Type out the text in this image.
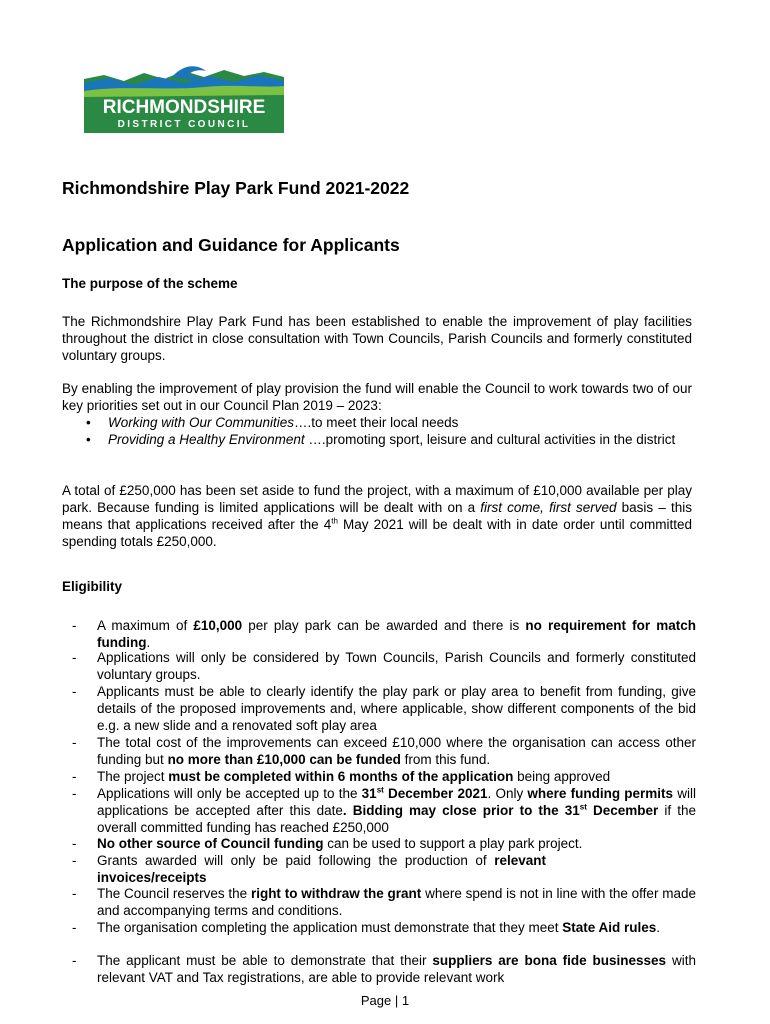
RICHMONDSHIRE
DISTRICT COUNCIL
Richmondshire Play Park Fund 2021-2022
Application and Guidance for Applicants
The purpose of the scheme
The Richmondshire Play Park Fund has been established to enable the improvement of play facilities throughout the district in close consultation with Town Councils, Parish Councils and formerly constituted voluntary groups.
By enabling the improvement of play provision the fund will enable the Council to work towards two of our key priorities set out in our Council Plan 2019 – 2023:
• Working with Our Communities….to meet their local needs
• Providing a Healthy Environment ….promoting sport, leisure and cultural activities in the district
A total of £250,000 has been set aside to fund the project, with a maximum of £10,000 available per play park. Because funding is limited applications will be dealt with on a first come, first served basis – this means that applications received after the 4th May 2021 will be dealt with in date order until committed spending totals £250,000.
Eligibility
- A maximum of £10,000 per play park can be awarded and there is no requirement for match funding.
- Applications will only be considered by Town Councils, Parish Councils and formerly constituted voluntary groups.
- Applicants must be able to clearly identify the play park or play area to benefit from funding, give details of the proposed improvements and, where applicable, show different components of the bid e.g. a new slide and a renovated soft play area
- The total cost of the improvements can exceed £10,000 where the organisation can access other funding but no more than £10,000 can be funded from this fund.
- The project must be completed within 6 months of the application being approved
- Applications will only be accepted up to the 31st December 2021. Only where funding permits will applications be accepted after this date. Bidding may close prior to the 31st December if the overall committed funding has reached £250,000
- No other source of Council funding can be used to support a play park project.
- Grants awarded will only be paid following the production of relevant invoices/receipts
- The Council reserves the right to withdraw the grant where spend is not in line with the offer made and accompanying terms and conditions.
- The organisation completing the application must demonstrate that they meet State Aid rules.
- The applicant must be able to demonstrate that their suppliers are bona fide businesses with relevant VAT and Tax registrations, are able to provide relevant work
Page | 1
